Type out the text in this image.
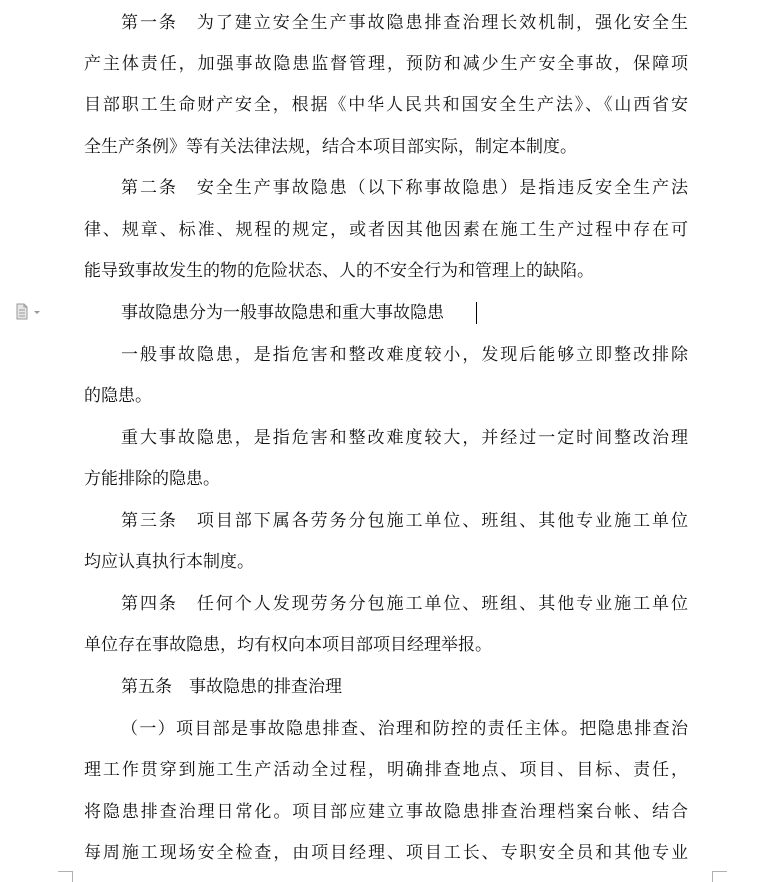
第一条　为了建立安全生产事故隐患排查治理长效机制，强化安全生
产主体责任，加强事故隐患监督管理，预防和减少生产安全事故，保障项
目部职工生命财产安全，根据《中华人民共和国安全生产法》、《山西省安
全生产条例》等有关法律法规，结合本项目部实际，制定本制度。
第二条　安全生产事故隐患（以下称事故隐患）是指违反安全生产法
律、规章、标准、规程的规定，或者因其他因素在施工生产过程中存在可
能导致事故发生的物的危险状态、人的不安全行为和管理上的缺陷。
事故隐患分为一般事故隐患和重大事故隐患
一般事故隐患，是指危害和整改难度较小，发现后能够立即整改排除
的隐患。
重大事故隐患，是指危害和整改难度较大，并经过一定时间整改治理
方能排除的隐患。
第三条　项目部下属各劳务分包施工单位、班组、其他专业施工单位
均应认真执行本制度。
第四条　任何个人发现劳务分包施工单位、班组、其他专业施工单位
单位存在事故隐患，均有权向本项目部项目经理举报。
第五条　事故隐患的排查治理
（一）项目部是事故隐患排查、治理和防控的责任主体。把隐患排查治
理工作贯穿到施工生产活动全过程，明确排查地点、项目、目标、责任，
将隐患排查治理日常化。项目部应建立事故隐患排查治理档案台帐、结合
每周施工现场安全检查，由项目经理、项目工长、专职安全员和其他专业
